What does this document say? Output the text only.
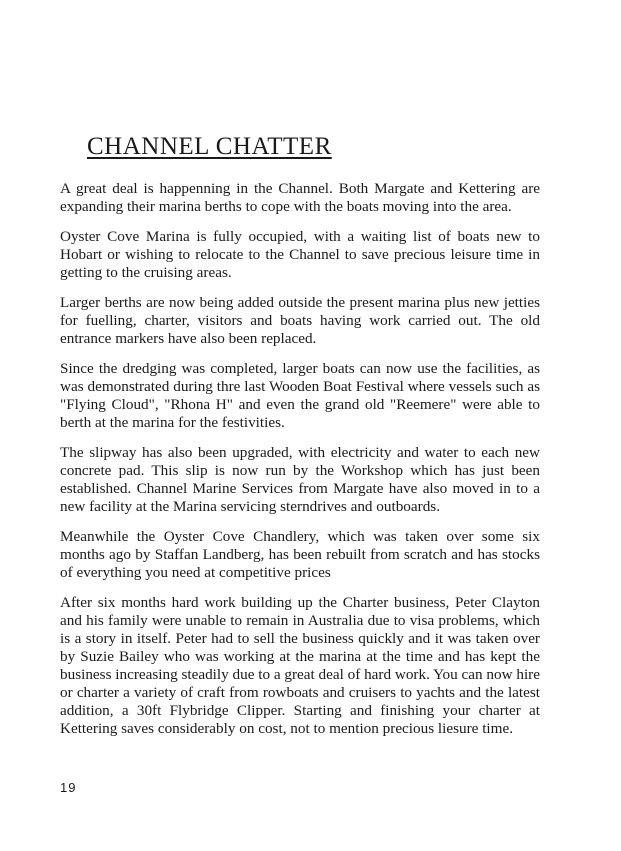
CHANNEL CHATTER

A great deal is happenning in the Channel. Both Margate and Kettering are expanding their marina berths to cope with the boats moving into the area.

Oyster Cove Marina is fully occupied, with a waiting list of boats new to Hobart or wishing to relocate to the Channel to save precious leisure time in getting to the cruising areas.

Larger berths are now being added outside the present marina plus new jetties for fuelling, charter, visitors and boats having work carried out. The old entrance markers have also been replaced.

Since the dredging was completed, larger boats can now use the facilities, as was demonstrated during thre last Wooden Boat Festival where vessels such as "Flying Cloud", "Rhona H" and even the grand old "Reemere" were able to berth at the marina for the festivities.

The slipway has also been upgraded, with electricity and water to each new concrete pad. This slip is now run by the Workshop which has just been established. Channel Marine Services from Margate have also moved in to a new facility at the Marina servicing sterndrives and outboards.

Meanwhile the Oyster Cove Chandlery, which was taken over some six months ago by Staffan Landberg, has been rebuilt from scratch and has stocks of everything you need at competitive prices

After six months hard work building up the Charter business, Peter Clayton and his family were unable to remain in Australia due to visa problems, which is a story in itself. Peter had to sell the business quickly and it was taken over by Suzie Bailey who was working at the marina at the time and has kept the business increasing steadily due to a great deal of hard work. You can now hire or charter a variety of craft from rowboats and cruisers to yachts and the latest addition, a 30ft Flybridge Clipper. Starting and finishing your charter at Kettering saves considerably on cost, not to mention precious liesure time.

19
